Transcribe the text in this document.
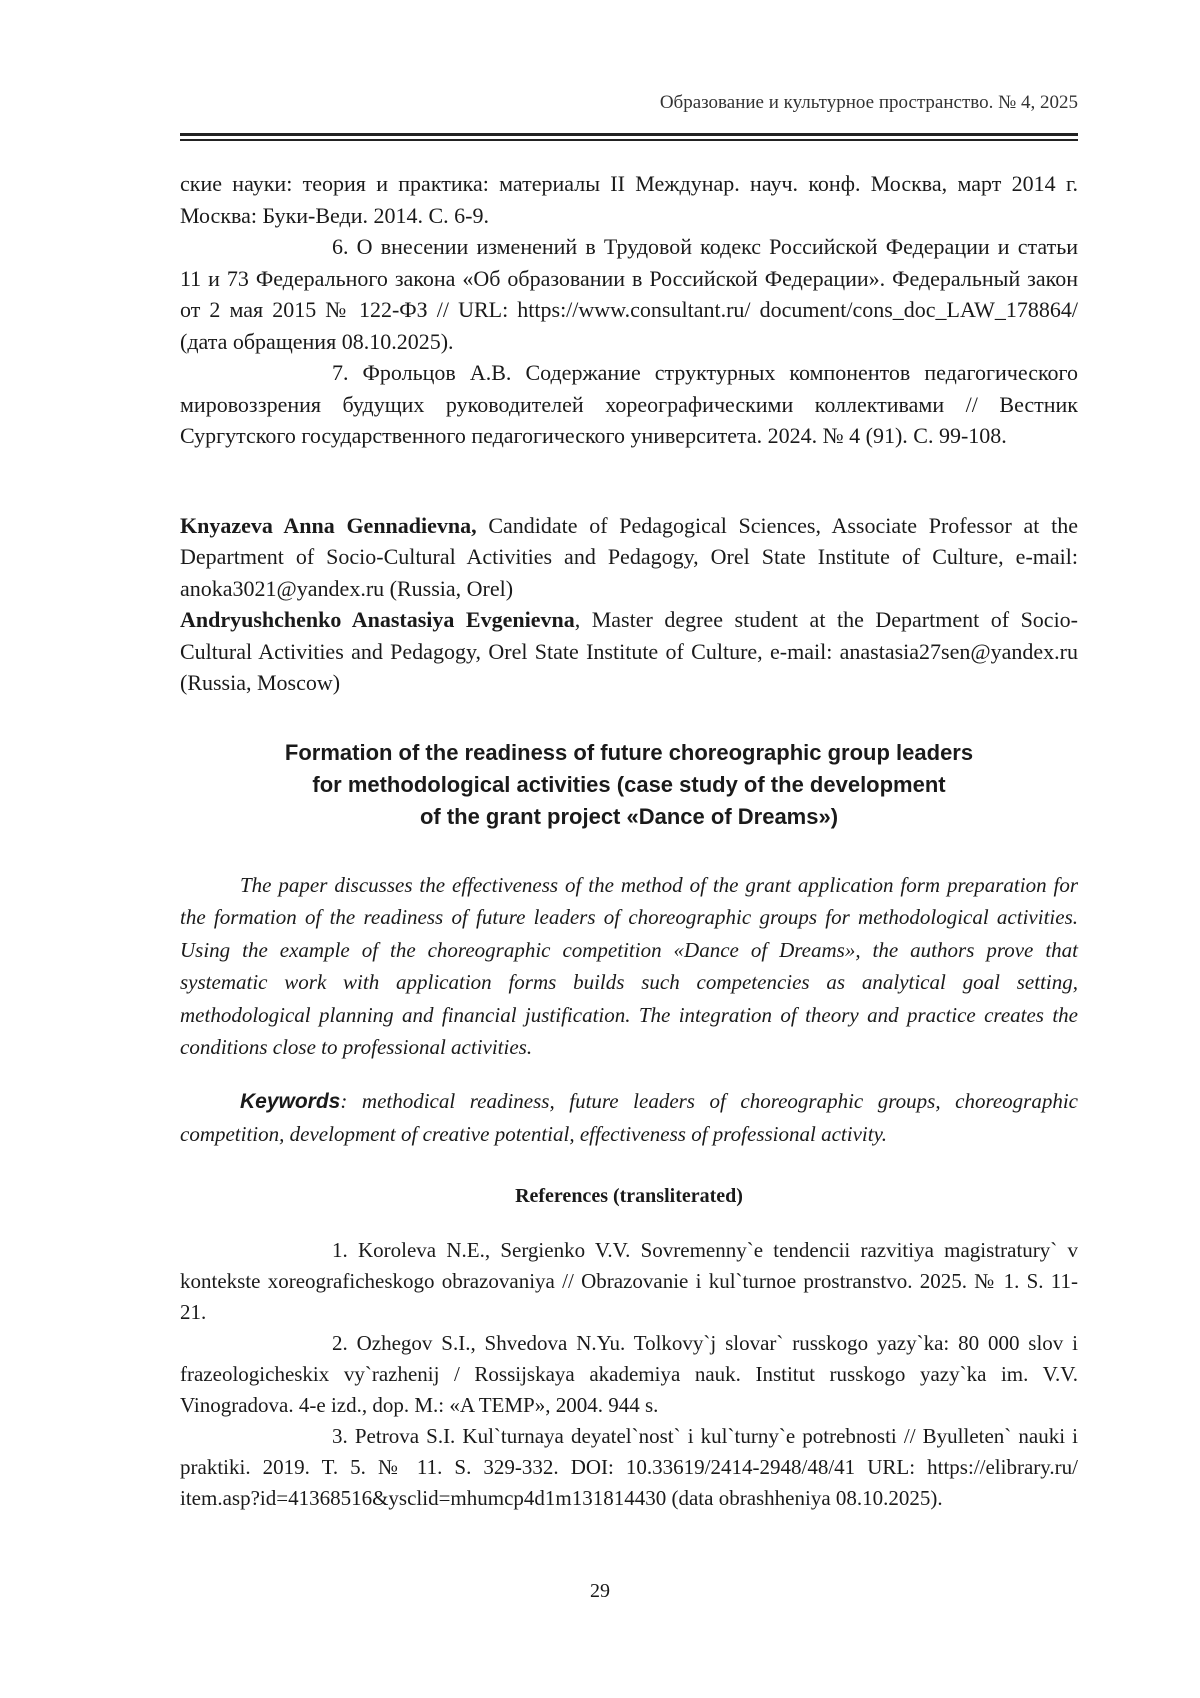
Образование и культурное пространство. № 4, 2025

ские науки: теория и практика: материалы II Междунар. науч. конф. Москва, март 2014 г. Москва: Буки-Веди. 2014. С. 6-9.

6. О внесении изменений в Трудовой кодекс Российской Федерации и статьи 11 и 73 Федерального закона «Об образовании в Российской Федерации». Федеральный закон от 2 мая 2015 № 122-ФЗ // URL: https://www.consultant.ru/ document/cons_doc_LAW_178864/ (дата обращения 08.10.2025).

7. Фрольцов А.В. Содержание структурных компонентов педагогического мировоззрения будущих руководителей хореографическими коллективами // Вестник Сургутского государственного педагогического университета. 2024. № 4 (91). С. 99-108.

Knyazeva Anna Gennadievna, Candidate of Pedagogical Sciences, Associate Professor at the Department of Socio-Cultural Activities and Pedagogy, Orel State Institute of Culture, e-mail: anoka3021@yandex.ru (Russia, Orel)

Andryushchenko Anastasiya Evgenievna, Master degree student at the Department of Socio-Cultural Activities and Pedagogy, Orel State Institute of Culture, e-mail: anastasia27sen@yandex.ru (Russia, Moscow)

Formation of the readiness of future choreographic group leaders
for methodological activities (case study of the development
of the grant project «Dance of Dreams»)

The paper discusses the effectiveness of the method of the grant application form preparation for the formation of the readiness of future leaders of choreographic groups for methodological activities. Using the example of the choreographic competition «Dance of Dreams», the authors prove that systematic work with application forms builds such competencies as analytical goal setting, methodological planning and financial justification. The integration of theory and practice creates the conditions close to professional activities.

Keywords: methodical readiness, future leaders of choreographic groups, choreographic competition, development of creative potential, effectiveness of professional activity.

References (transliterated)

1. Koroleva N.E., Sergienko V.V. Sovremenny`e tendencii razvitiya magistratury` v kontekste xoreograficheskogo obrazovaniya // Obrazovanie i kul`turnoe prostranstvo. 2025. № 1. S. 11-21.

2. Ozhegov S.I., Shvedova N.Yu. Tolkovy`j slovar` russkogo yazy`ka: 80 000 slov i frazeologicheskix vy`razhenij / Rossijskaya akademiya nauk. Institut russkogo yazy`ka im. V.V. Vinogradova. 4-e izd., dop. M.: «A TEMP», 2004. 944 s.

3. Petrova S.I. Kul`turnaya deyatel`nost` i kul`turny`e potrebnosti // Byulleten` nauki i praktiki. 2019. T. 5. № 11. S. 329-332. DOI: 10.33619/2414-2948/48/41 URL: https://elibrary.ru/ item.asp?id=41368516&ysclid=mhumcp4d1m131814430 (data obrashheniya 08.10.2025).

29
